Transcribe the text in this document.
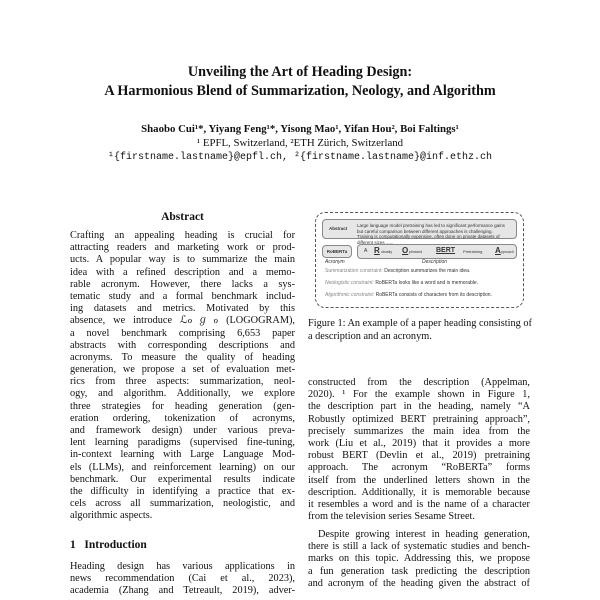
Unveiling the Art of Heading Design:
A Harmonious Blend of Summarization, Neology, and Algorithm
Shaobo Cui¹*, Yiyang Feng¹*, Yisong Mao¹, Yifan Hou², Boi Faltings¹
¹ EPFL, Switzerland, ²ETH Zürich, Switzerland
¹{firstname.lastname}@epfl.ch, ²{firstname.lastname}@inf.ethz.ch
Abstract
Crafting an appealing heading is crucial for
attracting readers and marketing work or prod-
ucts. A popular way is to summarize the main
idea with a refined description and a memo-
rable acronym. However, there lacks a sys-
tematic study and a formal benchmark includ-
ing datasets and metrics. Motivated by this
absence, we introduce ℒℴℊℴ (LOGOGRAM),
a novel benchmark comprising 6,653 paper
abstracts with corresponding descriptions and
acronyms. To measure the quality of heading
generation, we propose a set of evaluation met-
rics from three aspects: summarization, neol-
ogy, and algorithm. Additionally, we explore
three strategies for heading generation (gen-
eration ordering, tokenization of acronyms,
and framework design) under various preva-
lent learning paradigms (supervised fine-tuning,
in-context learning with Large Language Mod-
els (LLMs), and reinforcement learning) on our
benchmark. Our experimental results indicate
the difficulty in identifying a practice that ex-
cels across all summarization, neologistic, and
algorithmic aspects.
1   Introduction
Heading design has various applications in
news recommendation (Cai et al., 2023),
academia (Zhang and Tetreault, 2019), adver-
Abstract
Large language model pretraining has led to significant performance gains but careful comparison between different approaches is challenging. Training is computationally expensive, often done on private datasets of different sizes ......
RoBERTa	A R obustly O ptimized BERT Pretraining A pproach
Acronym	Description
Summarization constraint: Description summarizes the main idea.
Neologistic constraint: RoBERTa looks like a word and is memorable.
Algorithmic constraint: RoBERTa consists of characters from its description.
Figure 1: An example of a paper heading consisting of
a description and an acronym.
constructed from the description (Appelman,
2020). ¹ For the example shown in Figure 1,
the description part in the heading, namely “A
Robustly optimized BERT pretraining approach”,
precisely summarizes the main idea from the
work (Liu et al., 2019) that it provides a more
robust BERT (Devlin et al., 2019) pretraining
approach. The acronym “RoBERTa” forms
itself from the underlined letters shown in the
description. Additionally, it is memorable because
it resembles a word and is the name of a character
from the television series Sesame Street.
Despite growing interest in heading generation,
there is still a lack of systematic studies and bench-
marks on this topic. Addressing this, we propose
a fun generation task predicting the description
and acronym of the heading given the abstract of
